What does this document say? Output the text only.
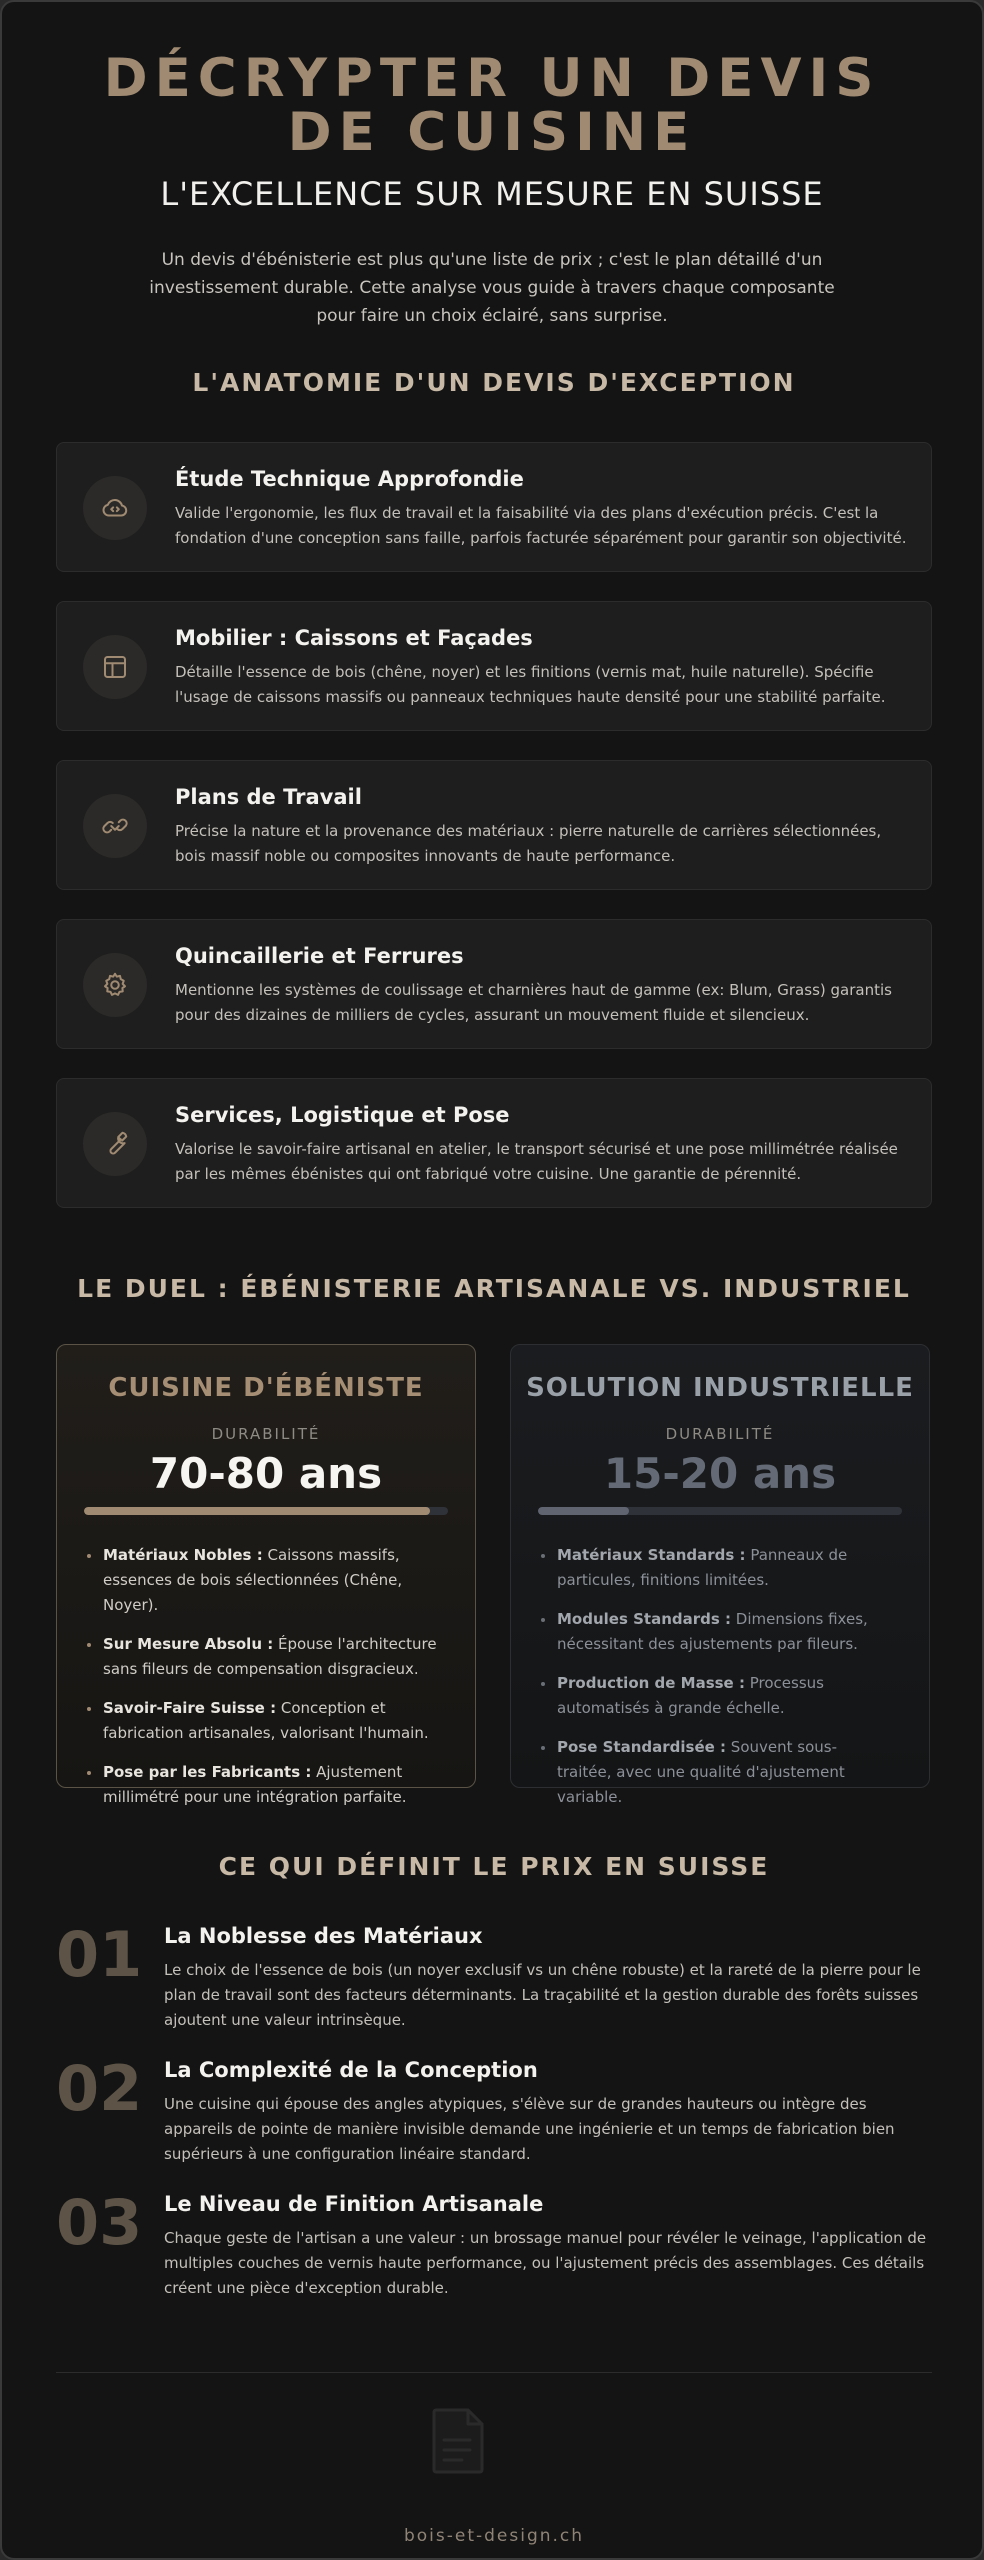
DÉCRYPTER UN DEVIS DE CUISINE
L'EXCELLENCE SUR MESURE EN SUISSE

Un devis d'ébénisterie est plus qu'une liste de prix ; c'est le plan détaillé d'un investissement durable. Cette analyse vous guide à travers chaque composante pour faire un choix éclairé, sans surprise.

L'ANATOMIE D'UN DEVIS D'EXCEPTION
Étude Technique Approfondie
Valide l'ergonomie, les flux de travail et la faisabilité via des plans d'exécution précis. C'est la fondation d'une conception sans faille, parfois facturée séparément pour garantir son objectivité.
Mobilier : Caissons et Façades
Détaille l'essence de bois (chêne, noyer) et les finitions (vernis mat, huile naturelle). Spécifie l'usage de caissons massifs ou panneaux techniques haute densité pour une stabilité parfaite.
Plans de Travail
Précise la nature et la provenance des matériaux : pierre naturelle de carrières sélectionnées, bois massif noble ou composites innovants de haute performance.
Quincaillerie et Ferrures
Mentionne les systèmes de coulissage et charnières haut de gamme (ex: Blum, Grass) garantis pour des dizaines de milliers de cycles, assurant un mouvement fluide et silencieux.
Services, Logistique et Pose
Valorise le savoir-faire artisanal en atelier, le transport sécurisé et une pose millimétrée réalisée par les mêmes ébénistes qui ont fabriqué votre cuisine. Une garantie de pérennité.
LE DUEL : ÉBÉNISTERIE ARTISANALE VS. INDUSTRIEL
CUISINE D'ÉBÉNISTE
DURABILITÉ
70-80 ans
Matériaux Nobles : Caissons massifs, essences de bois sélectionnées (Chêne, Noyer).
Sur Mesure Absolu : Épouse l'architecture sans fileurs de compensation disgracieux.
Savoir-Faire Suisse : Conception et fabrication artisanales, valorisant l'humain.
Pose par les Fabricants : Ajustement millimétré pour une intégration parfaite.
SOLUTION INDUSTRIELLE
DURABILITÉ
15-20 ans
Matériaux Standards : Panneaux de particules, finitions limitées.
Modules Standards : Dimensions fixes, nécessitant des ajustements par fileurs.
Production de Masse : Processus automatisés à grande échelle.
Pose Standardisée : Souvent sous-traitée, avec une qualité d'ajustement variable.
CE QUI DÉFINIT LE PRIX EN SUISSE
01 La Noblesse des Matériaux
Le choix de l'essence de bois (un noyer exclusif vs un chêne robuste) et la rareté de la pierre pour le plan de travail sont des facteurs déterminants. La traçabilité et la gestion durable des forêts suisses ajoutent une valeur intrinsèque.
02 La Complexité de la Conception
Une cuisine qui épouse des angles atypiques, s'élève sur de grandes hauteurs ou intègre des appareils de pointe de manière invisible demande une ingénierie et un temps de fabrication bien supérieurs à une configuration linéaire standard.
03 Le Niveau de Finition Artisanale
Chaque geste de l'artisan a une valeur : un brossage manuel pour révéler le veinage, l'application de multiples couches de vernis haute performance, ou l'ajustement précis des assemblages. Ces détails créent une pièce d'exception durable.
bois-et-design.ch
